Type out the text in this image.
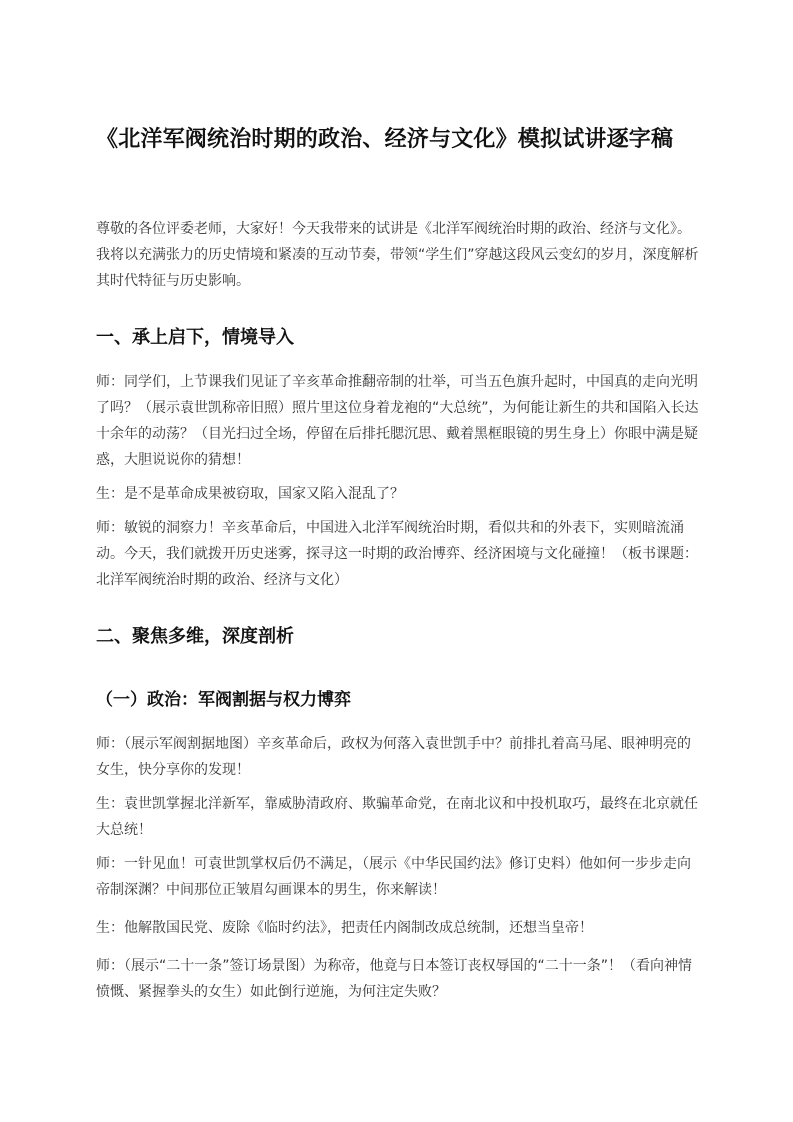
《北洋军阀统治时期的政治、经济与文化》模拟试讲逐字稿

尊敬的各位评委老师，大家好！今天我带来的试讲是《北洋军阀统治时期的政治、经济与文化》。我将以充满张力的历史情境和紧凑的互动节奏，带领“学生们”穿越这段风云变幻的岁月，深度解析其时代特征与历史影响。

一、承上启下，情境导入

师：同学们，上节课我们见证了辛亥革命推翻帝制的壮举，可当五色旗升起时，中国真的走向光明了吗？（展示袁世凯称帝旧照）照片里这位身着龙袍的“大总统”，为何能让新生的共和国陷入长达十余年的动荡？（目光扫过全场，停留在后排托腮沉思、戴着黑框眼镜的男生身上）你眼中满是疑惑，大胆说说你的猜想！

生：是不是革命成果被窃取，国家又陷入混乱了？

师：敏锐的洞察力！辛亥革命后，中国进入北洋军阀统治时期，看似共和的外表下，实则暗流涌动。今天，我们就拨开历史迷雾，探寻这一时期的政治博弈、经济困境与文化碰撞！（板书课题：北洋军阀统治时期的政治、经济与文化）

二、聚焦多维，深度剖析
（一）政治：军阀割据与权力博弈

师：（展示军阀割据地图）辛亥革命后，政权为何落入袁世凯手中？前排扎着高马尾、眼神明亮的女生，快分享你的发现！

生：袁世凯掌握北洋新军，靠威胁清政府、欺骗革命党，在南北议和中投机取巧，最终在北京就任大总统！

师：一针见血！可袁世凯掌权后仍不满足，（展示《中华民国约法》修订史料）他如何一步步走向帝制深渊？中间那位正皱眉勾画课本的男生，你来解读！

生：他解散国民党、废除《临时约法》，把责任内阁制改成总统制，还想当皇帝！

师：（展示“二十一条”签订场景图）为称帝，他竟与日本签订丧权辱国的“二十一条”！（看向神情愤慨、紧握拳头的女生）如此倒行逆施，为何注定失败？
